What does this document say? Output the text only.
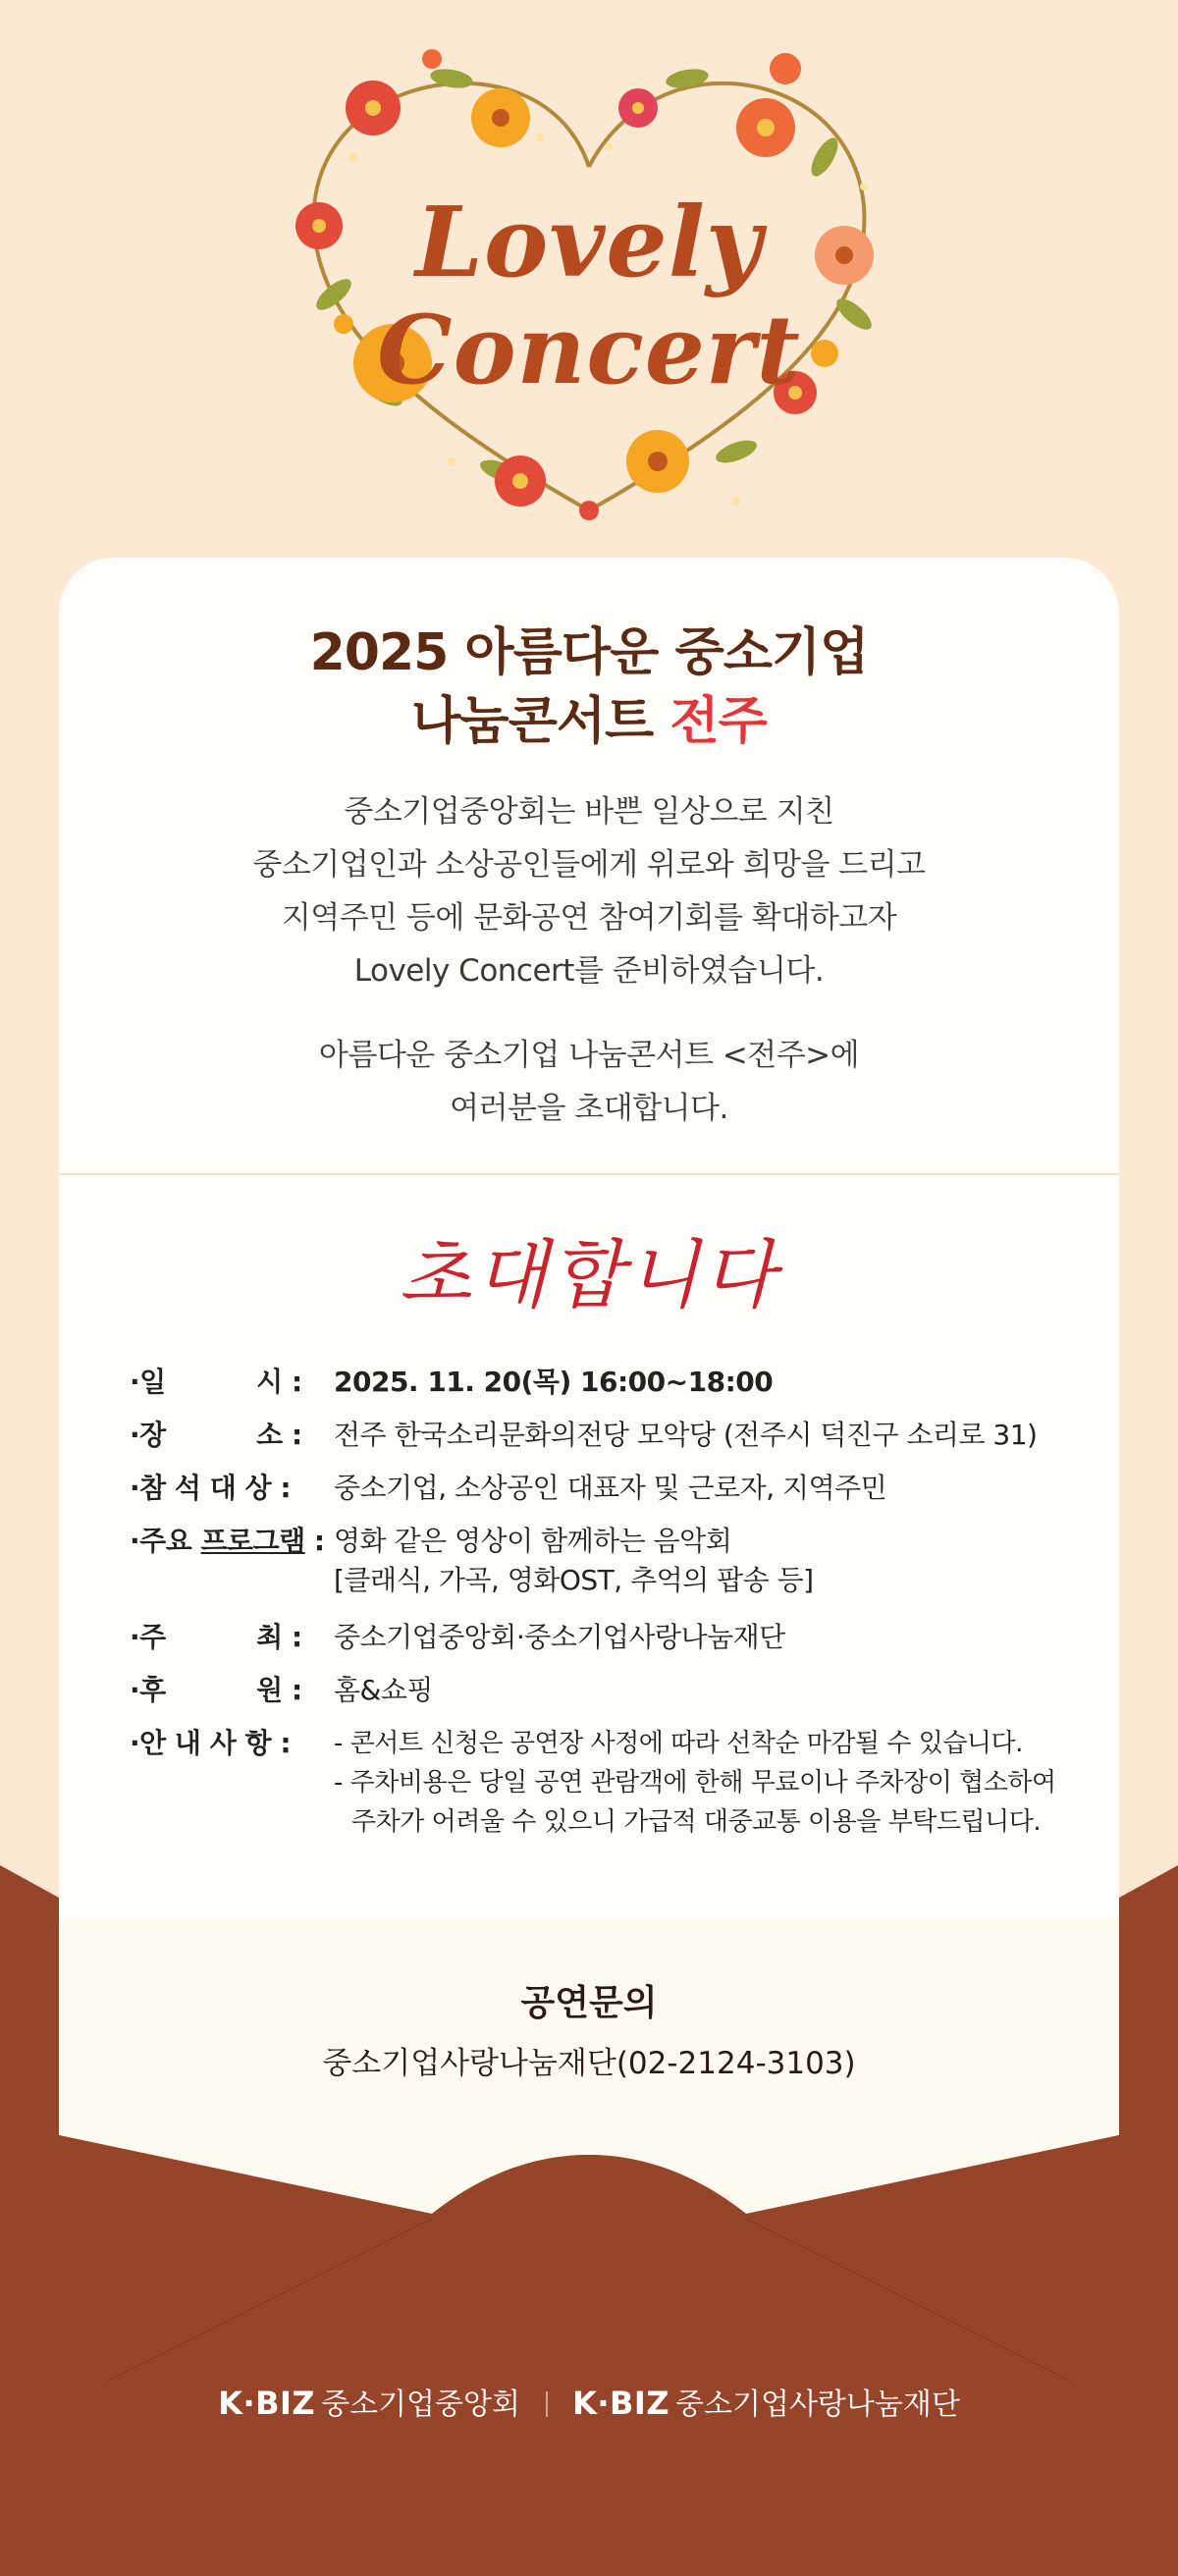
Lovely
Concert
2025 아름다운 중소기업
나눔콘서트 전주

중소기업중앙회는 바쁜 일상으로 지친

중소기업인과 소상공인들에게 위로와 희망을 드리고

지역주민 등에 문화공연 참여기회를 확대하고자

Lovely Concert를 준비하였습니다.

아름다운 중소기업 나눔콘서트 <전주>에

여러분을 초대합니다.

초대합니다
·일          시 :	2025. 11. 20(목) 16:00~18:00
·장          소 :	전주 한국소리문화의전당 모악당 (전주시 덕진구 소리로 31)
·참 석 대 상 :	중소기업, 소상공인 대표자 및 근로자, 지역주민
·주요 프로그램 : 영화 같은 영상이 함께하는 음악회
[클래식, 가곡, 영화OST, 추억의 팝송 등]
·주          최 :	중소기업중앙회·중소기업사랑나눔재단
·후          원 :	홈&쇼핑
·안 내 사 항 :	- 콘서트 신청은 공연장 사정에 따라 선착순 마감될 수 있습니다.
- 주차비용은 당일 공연 관람객에 한해 무료이나 주차장이 협소하여
주차가 어려울 수 있으니 가급적 대중교통 이용을 부탁드립니다.
공연문의
중소기업사랑나눔재단(02-2124-3103)
K·BIZ 중소기업중앙회 K·BIZ 중소기업사랑나눔재단
